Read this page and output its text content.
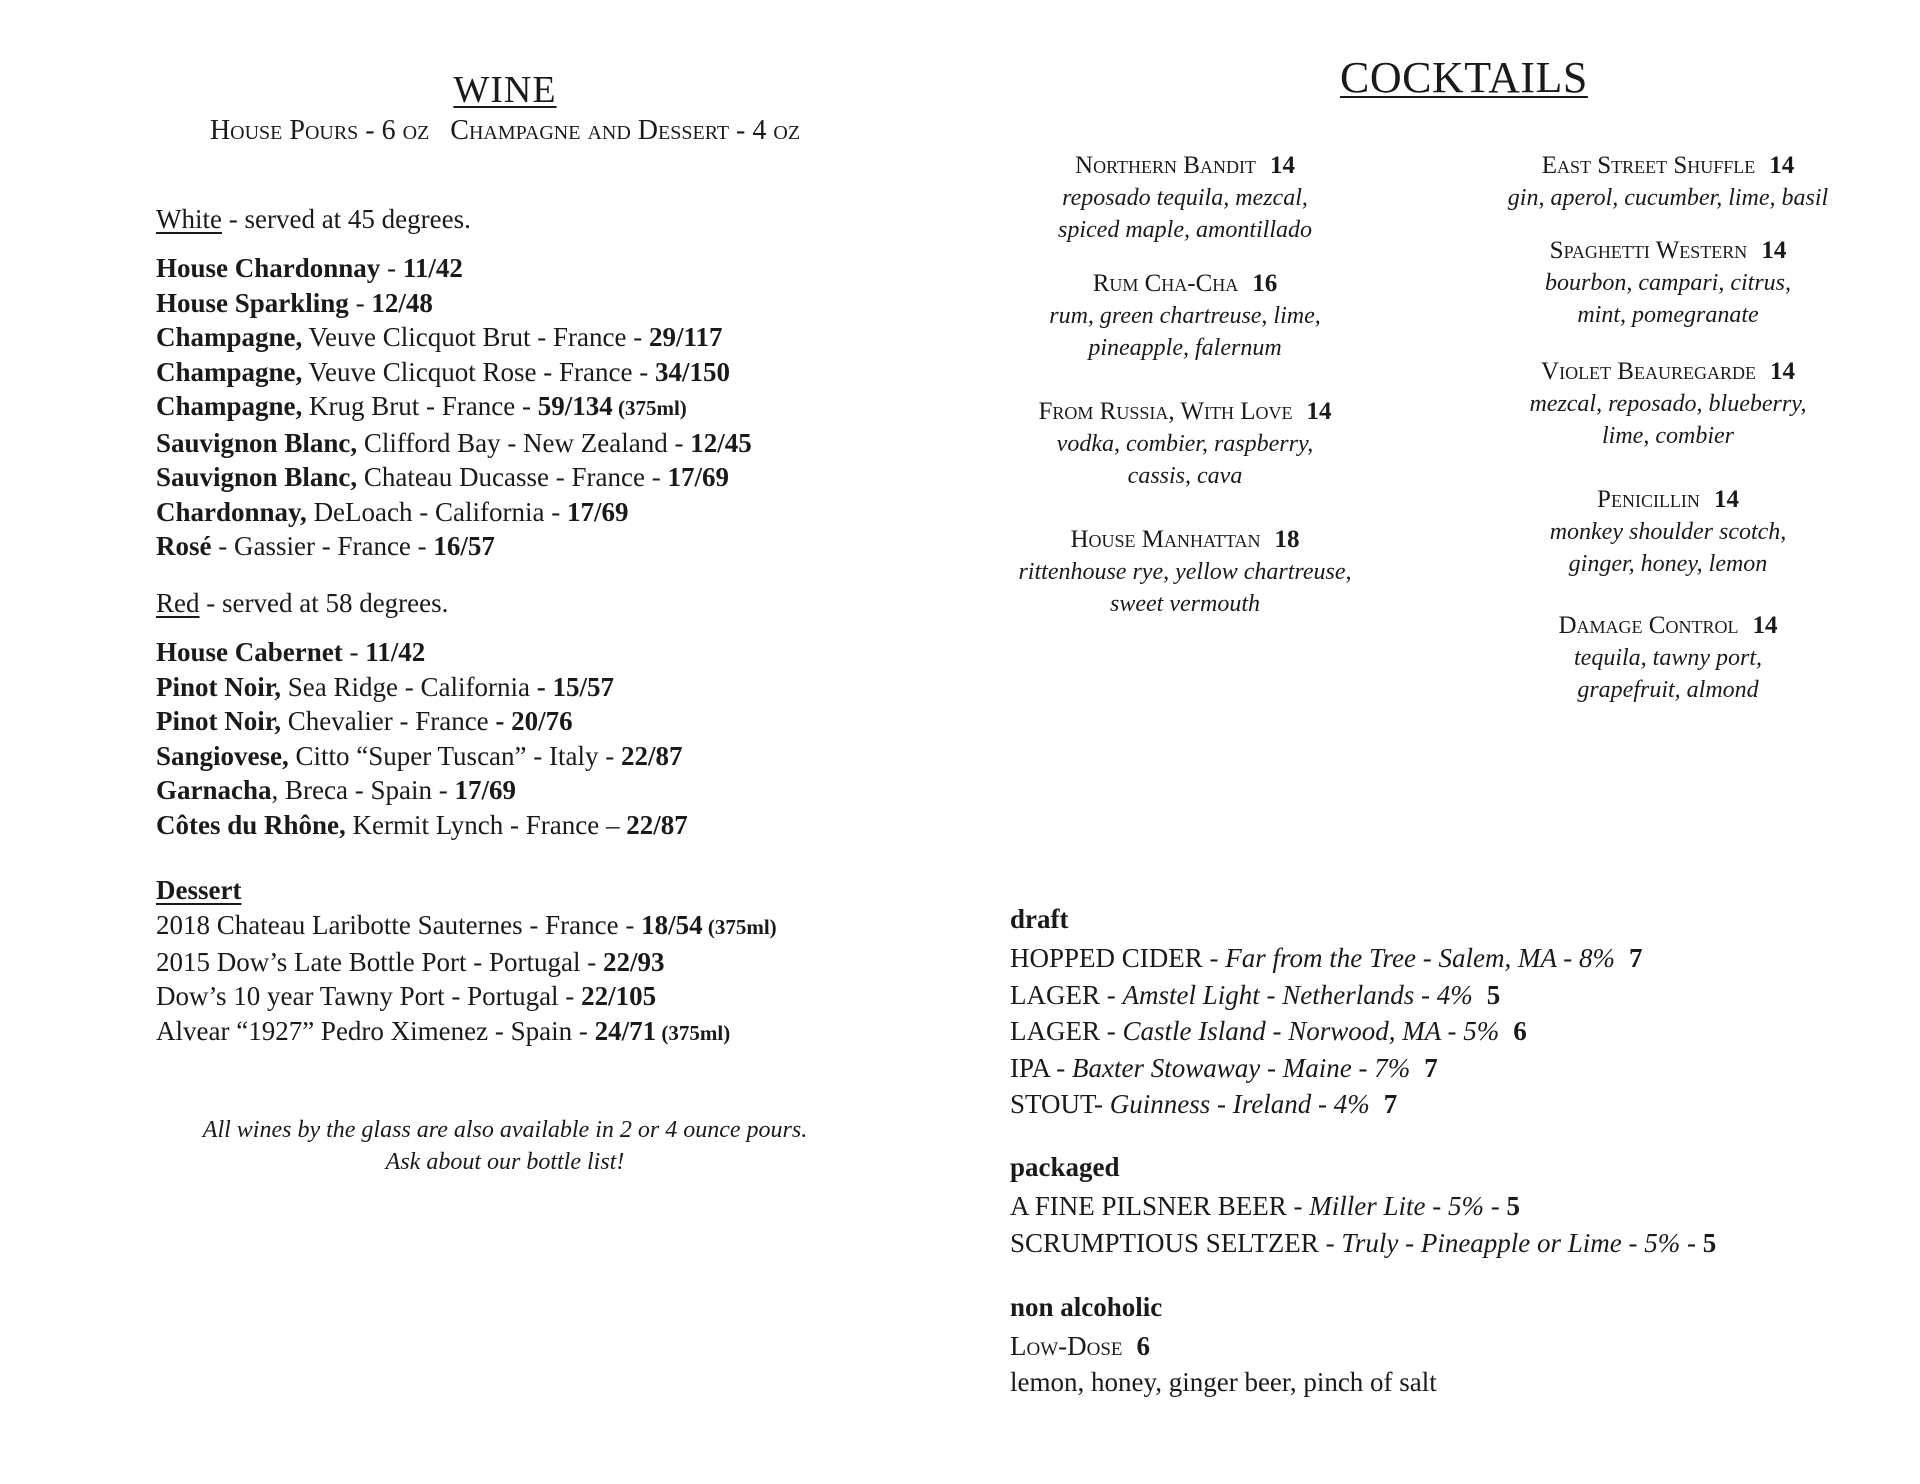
WINE
House Pours - 6 oz   Champagne and Dessert - 4 oz
White - served at 45 degrees.
House Chardonnay - 11/42
House Sparkling - 12/48
Champagne, Veuve Clicquot Brut - France - 29/117
Champagne, Veuve Clicquot Rose - France - 34/150
Champagne, Krug Brut - France - 59/134 (375ml)
Sauvignon Blanc, Clifford Bay - New Zealand - 12/45
Sauvignon Blanc, Chateau Ducasse - France - 17/69
Chardonnay, DeLoach - California - 17/69
Rosé - Gassier - France - 16/57
Red - served at 58 degrees.
House Cabernet - 11/42
Pinot Noir, Sea Ridge - California - 15/57
Pinot Noir, Chevalier - France - 20/76
Sangiovese, Citto “Super Tuscan” - Italy - 22/87
Garnacha, Breca - Spain - 17/69
Côtes du Rhône, Kermit Lynch - France – 22/87
Dessert
2018 Chateau Laribotte Sauternes - France - 18/54 (375ml)
2015 Dow’s Late Bottle Port - Portugal - 22/93
Dow’s 10 year Tawny Port - Portugal - 22/105
Alvear “1927” Pedro Ximenez - Spain - 24/71 (375ml)
All wines by the glass are also available in 2 or 4 ounce pours.
Ask about our bottle list!
COCKTAILS
Northern Bandit 14
reposado tequila, mezcal,
spiced maple, amontillado
Rum Cha-Cha 16
rum, green chartreuse, lime,
pineapple, falernum
From Russia, With Love 14
vodka, combier, raspberry,
cassis, cava
House Manhattan 18
rittenhouse rye, yellow chartreuse,
sweet vermouth
East Street Shuffle 14
gin, aperol, cucumber, lime, basil
Spaghetti Western 14
bourbon, campari, citrus,
mint, pomegranate
Violet Beauregarde 14
mezcal, reposado, blueberry,
lime, combier
Penicillin 14
monkey shoulder scotch,
ginger, honey, lemon
Damage Control 14
tequila, tawny port,
grapefruit, almond
draft
HOPPED CIDER - Far from the Tree - Salem, MA - 8% 7
LAGER - Amstel Light - Netherlands - 4% 5
LAGER - Castle Island - Norwood, MA - 5% 6
IPA - Baxter Stowaway - Maine - 7% 7
STOUT- Guinness - Ireland - 4% 7
packaged
A FINE PILSNER BEER - Miller Lite - 5% - 5
SCRUMPTIOUS SELTZER - Truly - Pineapple or Lime - 5% - 5
non alcoholic
Low-Dose 6
lemon, honey, ginger beer, pinch of salt
